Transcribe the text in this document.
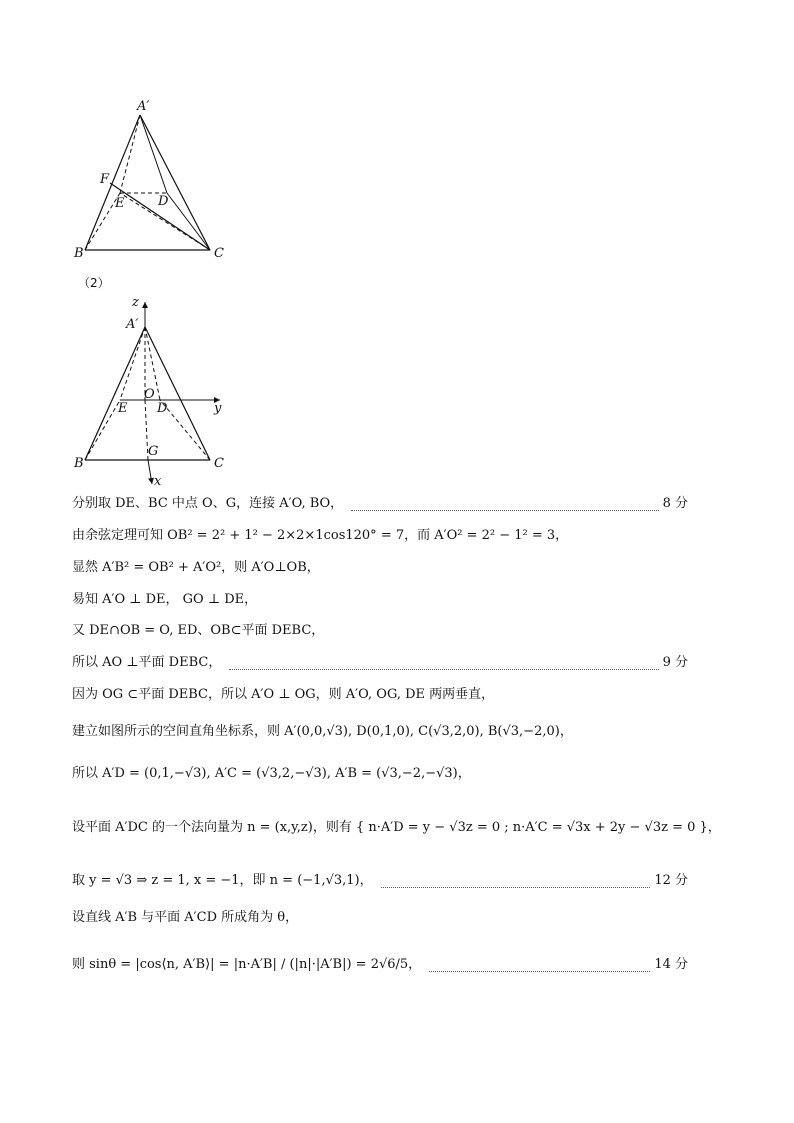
A′
F
E	D
B	C
（2）
z
A′
O
y
E D
B
G
C
x
分别取 DE、BC 中点 O、G，连接 A′O, BO，	8 分
由余弦定理可知 OB² = 2² + 1² − 2×2×1cos120° = 7，而 A′O² = 2² − 1² = 3，
显然 A′B² = OB² + A′O²，则 A′O⊥OB，
易知 A′O ⊥ DE， GO ⊥ DE，
又 DE∩OB = O, ED、OB⊂平面 DEBC，
所以 AO ⊥平面 DEBC，	9 分
因为 OG ⊂平面 DEBC，所以 A′O ⊥ OG，则 A′O, OG, DE 两两垂直，
建立如图所示的空间直角坐标系，则 A′(0,0,√3), D(0,1,0), C(√3,2,0), B(√3,−2,0)，
所以 A′D = (0,1,−√3), A′C = (√3,2,−√3), A′B = (√3,−2,−√3)，
设平面 A′DC 的一个法向量为 n = (x,y,z)，则有 { n·A′D = y − √3z = 0 ; n·A′C = √3x + 2y − √3z = 0 }，
取 y = √3 ⇒ z = 1, x = −1，即 n = (−1,√3,1)，	12 分
设直线 A′B 与平面 A′CD 所成角为 θ，
则 sinθ = |cos⟨n, A′B⟩| = |n·A′B| / (|n|·|A′B|) = 2√6/5，	14 分
